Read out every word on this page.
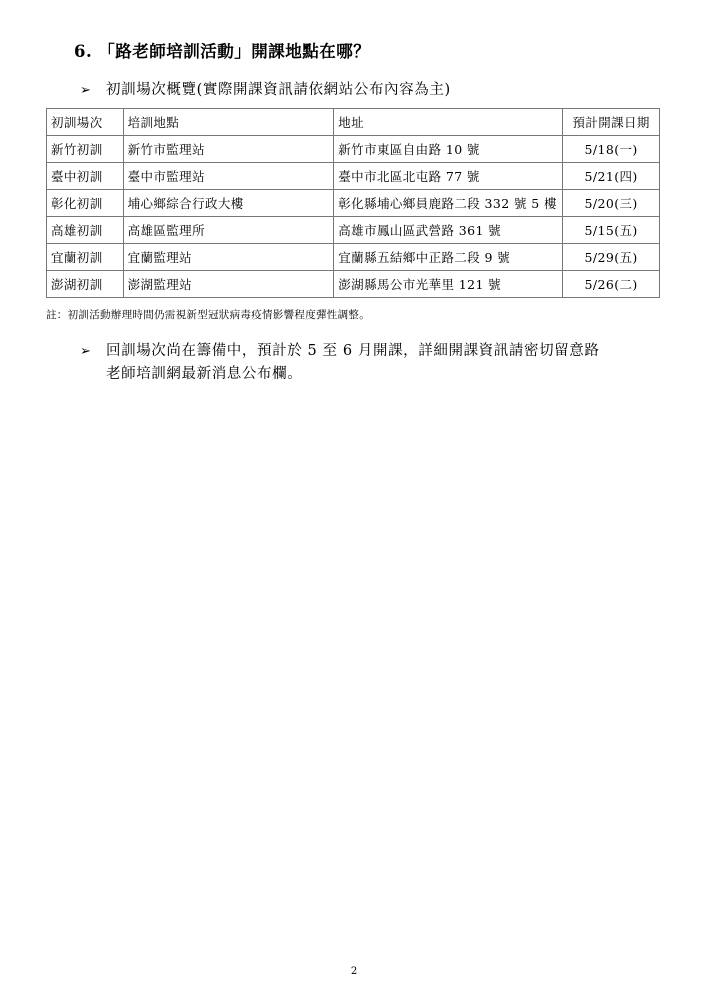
6. 「路老師培訓活動」開課地點在哪？
➢ 初訓場次概覽(實際開課資訊請依網站公布內容為主)
初訓場次	培訓地點	地址	預計開課日期
新竹初訓	新竹市監理站	新竹市東區自由路 10 號	5/18(一)
臺中初訓	臺中市監理站	臺中市北區北屯路 77 號	5/21(四)
彰化初訓	埔心鄉綜合行政大樓	彰化縣埔心鄉員鹿路二段 332 號 5 樓	5/20(三)
高雄初訓	高雄區監理所	高雄市鳳山區武營路 361 號	5/15(五)
宜蘭初訓	宜蘭監理站	宜蘭縣五結鄉中正路二段 9 號	5/29(五)
澎湖初訓	澎湖監理站	澎湖縣馬公市光華里 121 號	5/26(二)
註：初訓活動辦理時間仍需視新型冠狀病毒疫情影響程度彈性調整。
➢ 回訓場次尚在籌備中，預計於 5 至 6 月開課，詳細開課資訊請密切留意路
老師培訓網最新消息公布欄。
2
